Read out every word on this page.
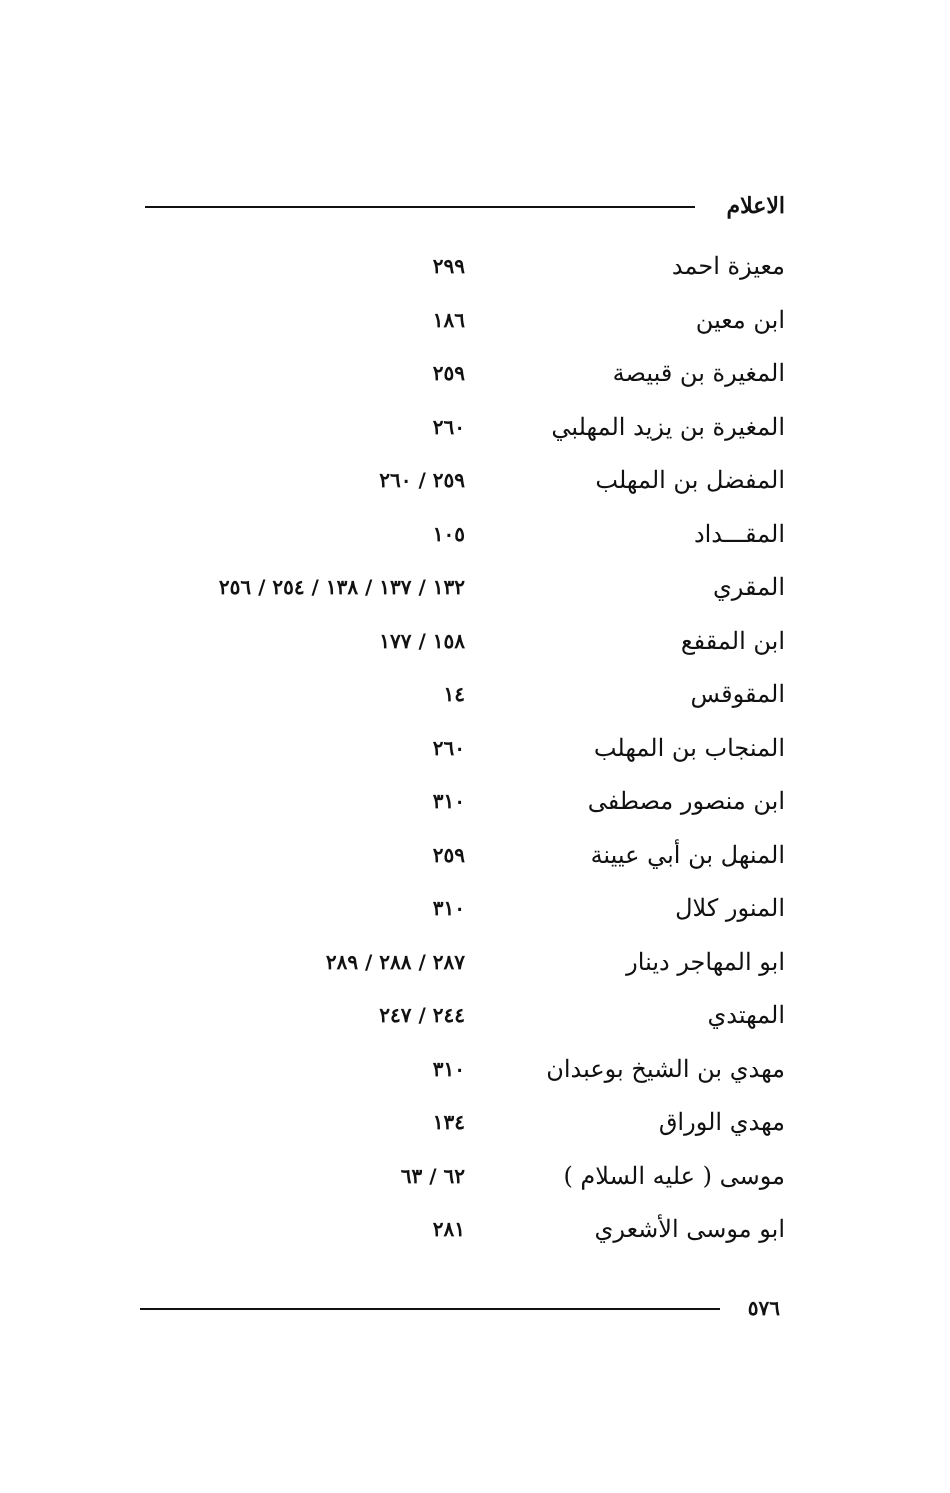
الاعلام
معيزة احمد
٢٩٩
ابن معين
١٨٦
المغيرة بن قبيصة
٢٥٩
المغيرة بن يزيد المهلبي
٢٦٠
المفضل بن المهلب
٢٥٩ / ٢٦٠
المقـــداد
١٠٥
المقري
١٣٢ / ١٣٧ / ١٣٨ / ٢٥٤ / ٢٥٦
ابن المقفع
١٥٨ / ١٧٧
المقوقس
١٤
المنجاب بن المهلب
٢٦٠
ابن منصور مصطفى
٣١٠
المنهل بن أبي عيينة
٢٥٩
المنور كلال
٣١٠
ابو المهاجر دينار
٢٨٧ / ٢٨٨ / ٢٨٩
المهتدي
٢٤٤ / ٢٤٧
مهدي بن الشيخ بوعبدان
٣١٠
مهدي الوراق
١٣٤
موسى ( عليه السلام )
٦٢ / ٦٣
ابو موسى الأشعري
٢٨١
٥٧٦
